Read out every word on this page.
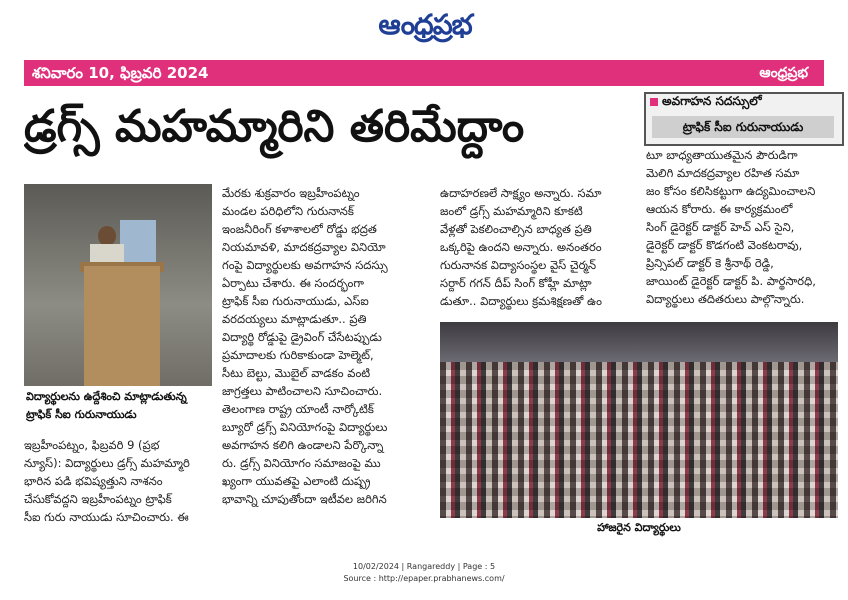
ఆంధ్రప్రభ
శనివారం 10, ఫిబ్రవరి 2024	ఆంధ్రప్రభ
డ్రగ్స్ మహమ్మారిని తరిమేద్దాం	అవగాహన సదస్సులో
ట్రాఫిక్ సీఐ గురునాయుడు
విద్యార్థులను ఉద్దేశించి మాట్లాడుతున్న
ట్రాఫిక్ సీఐ గురునాయుడు
ఇబ్రహీంపట్నం, ఫిబ్రవరి 9 (ప్రభ
న్యూస్): విద్యార్థులు డ్రగ్స్ మహమ్మారి
భారిన పడి భవిష్యత్తుని నాశనం
చేసుకోవద్దని ఇబ్రహీంపట్నం ట్రాఫిక్
సీఐ గురు నాయుడు సూచించారు. ఈ
మేరకు శుక్రవారం ఇబ్రహీంపట్నం
మండల పరిధిలోని గురునానక్
ఇంజనీరింగ్ కళాశాలలో రోడ్డు భద్రత
నియమావళి, మాదకద్రవ్యాల వినియో
గంపై విద్యార్థులకు అవగాహన సదస్సు
ఏర్పాటు చేశారు. ఈ సందర్భంగా
ట్రాఫిక్ సీఐ గురునాయుడు, ఎస్ఐ
వరదయ్యలు మాట్లాడుతూ.. ప్రతి
విద్యార్థి రోడ్డుపై డ్రైవింగ్ చేసేటప్పుడు
ప్రమాదాలకు గురికాకుండా హెల్మెట్,
సీటు బెల్టు, మొబైల్ వాడకం వంటి
జాగ్రత్తలు పాటించాలని సూచించారు.
తెలంగాణ రాష్ట్ర యాంటీ నార్కోటిక్
బ్యూరో డ్రగ్స్ వినియోగంపై విద్యార్థులు
అవగాహన కలిగి ఉండాలని పేర్కొన్నా
రు. డ్రగ్స్ వినియోగం సమాజంపై ము
ఖ్యంగా యువతపై ఎలాంటి దుష్ప్ర
భావాన్ని చూపుతోందా ఇటీవల జరిగిన
ఉదాహరణలే సాక్ష్యం అన్నారు. సమా
జంలో డ్రగ్స్ మహమ్మారిని కూకటి
వేళ్లతో పెకలించాల్సిన బాధ్యత ప్రతి
ఒక్కరిపై ఉందని అన్నారు. అనంతరం
గురునానక విద్యాసంస్థల వైస్ చైర్మన్
సర్దార్ గగన్ దీప్ సింగ్ కోహ్లీ మాట్లా
డుతూ.. విద్యార్థులు క్రమశిక్షణతో ఉం
టూ బాధ్యతాయుతమైన పౌరుడిగా
మెలిగి మాదకద్రవ్యాల రహిత సమా
జం కోసం కలిసికట్టుగా ఉద్యమించాలని
ఆయన కోరారు. ఈ కార్యక్రమంలో
సింగ్ డైరెక్టర్ డాక్టర్ హెచ్ ఎస్ సైని,
డైరెక్టర్ డాక్టర్ కొడగంటి వెంకటరావు,
ప్రిన్సిపల్ డాక్టర్ కె శ్రీనాథ్ రెడ్డి,
జాయింట్ డైరెక్టర్ డాక్టర్ పి. పార్థసారధి,
విద్యార్థులు తదితరులు పాల్గొన్నారు.
హాజరైన విద్యార్థులు
10/02/2024 | Rangareddy | Page : 5
Source : http://epaper.prabhanews.com/
